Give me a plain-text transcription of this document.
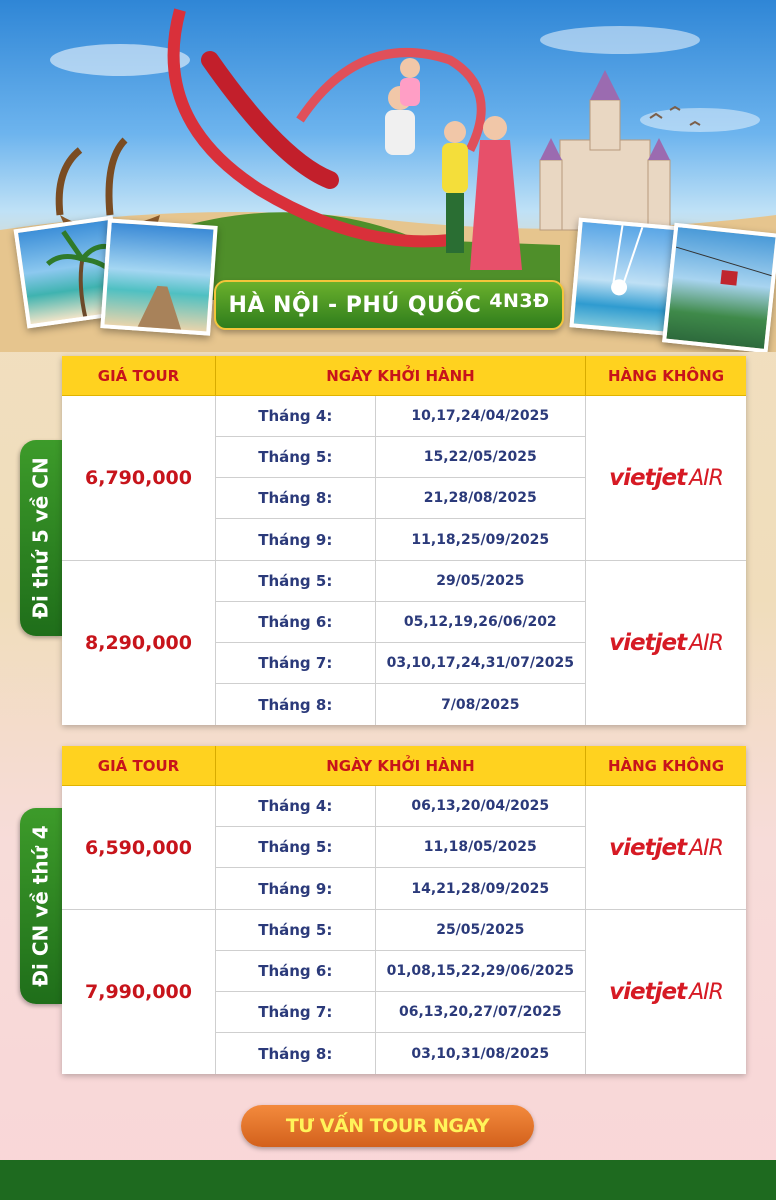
HÀ NỘI - PHÚ QUỐC 4N3Đ
Đi thứ 5 về CN
GIÁ TOUR	NGÀY KHỞI HÀNH	HÀNG KHÔNG
6,790,000
Tháng 4:	10,17,24/04/2025
Tháng 5:	15,22/05/2025
Tháng 8:	21,28/08/2025
Tháng 9:	11,18,25/09/2025
vietjet AIR
8,290,000
Tháng 5:	29/05/2025
Tháng 6:	05,12,19,26/06/202
Tháng 7:	03,10,17,24,31/07/2025
Tháng 8:	7/08/2025
vietjet AIR
Đi CN về thứ 4
GIÁ TOUR	NGÀY KHỞI HÀNH	HÀNG KHÔNG
6,590,000
Tháng 4:	06,13,20/04/2025
Tháng 5:	11,18/05/2025
Tháng 9:	14,21,28/09/2025
vietjet AIR
7,990,000
Tháng 5:	25/05/2025
Tháng 6:	01,08,15,22,29/06/2025
Tháng 7:	06,13,20,27/07/2025
Tháng 8:	03,10,31/08/2025
vietjet AIR
TƯ VẤN TOUR NGAY
